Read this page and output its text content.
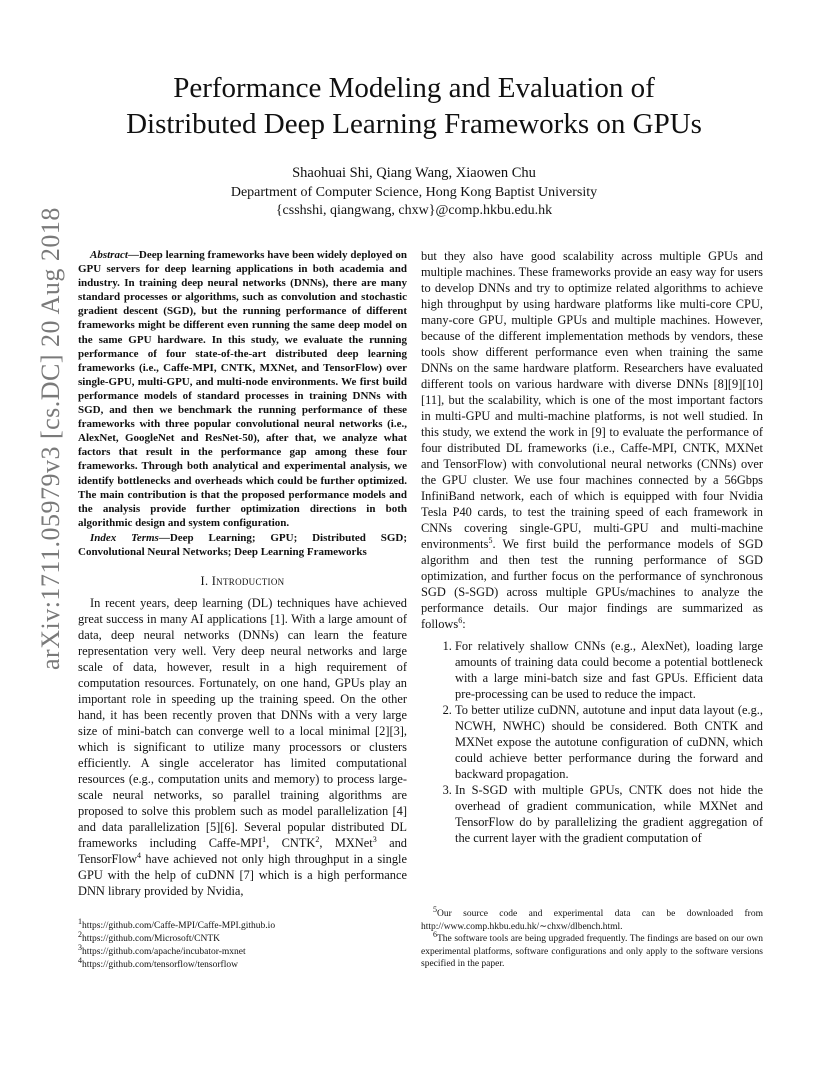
arXiv:1711.05979v3 [cs.DC] 20 Aug 2018
Performance Modeling and Evaluation of
Distributed Deep Learning Frameworks on GPUs
Shaohuai Shi, Qiang Wang, Xiaowen Chu
Department of Computer Science, Hong Kong Baptist University
{csshshi, qiangwang, chxw}@comp.hkbu.edu.hk

Abstract—Deep learning frameworks have been widely deployed on GPU servers for deep learning applications in both academia and industry. In training deep neural networks (DNNs), there are many standard processes or algorithms, such as convolution and stochastic gradient descent (SGD), but the running performance of different frameworks might be different even running the same deep model on the same GPU hardware. In this study, we evaluate the running performance of four state-of-the-art distributed deep learning frameworks (i.e., Caffe-MPI, CNTK, MXNet, and TensorFlow) over single-GPU, multi-GPU, and multi-node environments. We first build performance models of standard processes in training DNNs with SGD, and then we benchmark the running performance of these frameworks with three popular convolutional neural networks (i.e., AlexNet, GoogleNet and ResNet-50), after that, we analyze what factors that result in the performance gap among these four frameworks. Through both analytical and experimental analysis, we identify bottlenecks and overheads which could be further optimized. The main contribution is that the proposed performance models and the analysis provide further optimization directions in both algorithmic design and system configuration.

Index Terms—Deep Learning; GPU; Distributed SGD; Convolutional Neural Networks; Deep Learning Frameworks

I. Introduction

In recent years, deep learning (DL) techniques have achieved great success in many AI applications [1]. With a large amount of data, deep neural networks (DNNs) can learn the feature representation very well. Very deep neural networks and large scale of data, however, result in a high requirement of computation resources. Fortunately, on one hand, GPUs play an important role in speeding up the training speed. On the other hand, it has been recently proven that DNNs with a very large size of mini-batch can converge well to a local minimal [2][3], which is significant to utilize many processors or clusters efficiently. A single accelerator has limited computational resources (e.g., computation units and memory) to process large-scale neural networks, so parallel training algorithms are proposed to solve this problem such as model parallelization [4] and data parallelization [5][6]. Several popular distributed DL frameworks including Caffe-MPI$^1$, CNTK$^2$, MXNet$^3$ and TensorFlow$^4$ have achieved not only high throughput in a single GPU with the help of cuDNN [7] which is a high performance DNN library provided by Nvidia,

but they also have good scalability across multiple GPUs and multiple machines. These frameworks provide an easy way for users to develop DNNs and try to optimize related algorithms to achieve high throughput by using hardware platforms like multi-core CPU, many-core GPU, multiple GPUs and multiple machines. However, because of the different implementation methods by vendors, these tools show different performance even when training the same DNNs on the same hardware platform. Researchers have evaluated different tools on various hardware with diverse DNNs [8][9][10][11], but the scalability, which is one of the most important factors in multi-GPU and multi-machine platforms, is not well studied. In this study, we extend the work in [9] to evaluate the performance of four distributed DL frameworks (i.e., Caffe-MPI, CNTK, MXNet and TensorFlow) with convolutional neural networks (CNNs) over the GPU cluster. We use four machines connected by a 56Gbps InfiniBand network, each of which is equipped with four Nvidia Tesla P40 cards, to test the training speed of each framework in CNNs covering single-GPU, multi-GPU and multi-machine environments$^5$. We first build the performance models of SGD algorithm and then test the running performance of SGD optimization, and further focus on the performance of synchronous SGD (S-SGD) across multiple GPUs/machines to analyze the performance details. Our major findings are summarized as follows$^6$:

1. For relatively shallow CNNs (e.g., AlexNet), loading large amounts of training data could become a potential bottleneck with a large mini-batch size and fast GPUs. Efficient data pre-processing can be used to reduce the impact.
2. To better utilize cuDNN, autotune and input data layout (e.g., NCWH, NWHC) should be considered. Both CNTK and MXNet expose the autotune configuration of cuDNN, which could achieve better performance during the forward and backward propagation.
3. In S-SGD with multiple GPUs, CNTK does not hide the overhead of gradient communication, while MXNet and TensorFlow do by parallelizing the gradient aggregation of the current layer with the gradient computation of
$^1$https://github.com/Caffe-MPI/Caffe-MPI.github.io
$^2$https://github.com/Microsoft/CNTK
$^3$https://github.com/apache/incubator-mxnet
$^4$https://github.com/tensorflow/tensorflow

$^5$Our source code and experimental data can be downloaded from http://www.comp.hkbu.edu.hk/∼chxw/dlbench.html.

$^6$The software tools are being upgraded frequently. The findings are based on our own experimental platforms, software configurations and only apply to the software versions specified in the paper.
